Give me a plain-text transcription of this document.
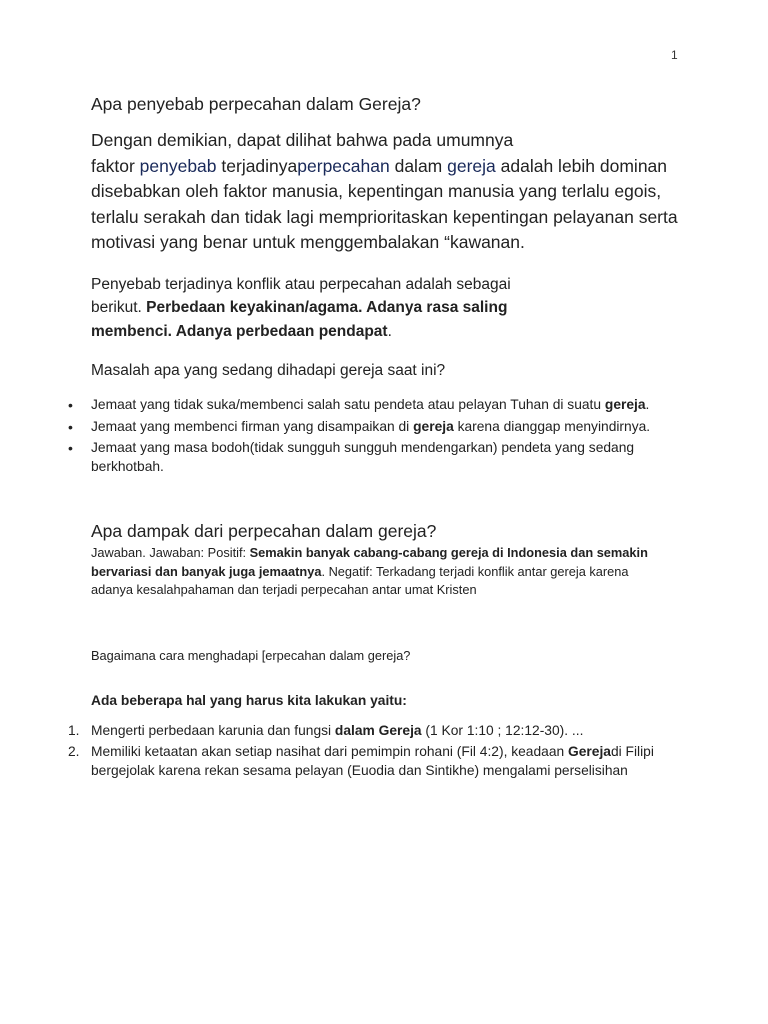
1

Apa penyebab perpecahan dalam Gereja?

Dengan demikian, dapat dilihat bahwa pada umumnya
faktor penyebab terjadinyaperpecahan dalam gereja adalah lebih dominan disebabkan oleh faktor manusia, kepentingan manusia yang terlalu egois, terlalu serakah dan tidak lagi memprioritaskan kepentingan pelayanan serta motivasi yang benar untuk menggembalakan “kawanan.

Penyebab terjadinya konflik atau perpecahan adalah sebagai berikut. Perbedaan keyakinan/agama. Adanya rasa saling membenci. Adanya perbedaan pendapat.

Masalah apa yang sedang dihadapi gereja saat ini?

• Jemaat yang tidak suka/membenci salah satu pendeta atau pelayan Tuhan di suatu gereja.
• Jemaat yang membenci firman yang disampaikan di gereja karena dianggap menyindirnya.
• Jemaat yang masa bodoh(tidak sungguh sungguh mendengarkan) pendeta yang sedang berkhotbah.

Apa dampak dari perpecahan dalam gereja?

Jawaban. Jawaban: Positif: Semakin banyak cabang-cabang gereja di Indonesia dan semakin bervariasi dan banyak juga jemaatnya. Negatif: Terkadang terjadi konflik antar gereja karena adanya kesalahpahaman dan terjadi perpecahan antar umat Kristen

Bagaimana cara menghadapi [erpecahan dalam gereja?

Ada beberapa hal yang harus kita lakukan yaitu:

1. Mengerti perbedaan karunia dan fungsi dalam Gereja (1 Kor 1:10 ; 12:12-30). ...
2. Memiliki ketaatan akan setiap nasihat dari pemimpin rohani (Fil 4:2), keadaan Gerejadi Filipi bergejolak karena rekan sesama pelayan (Euodia dan Sintikhe) mengalami perselisihan
